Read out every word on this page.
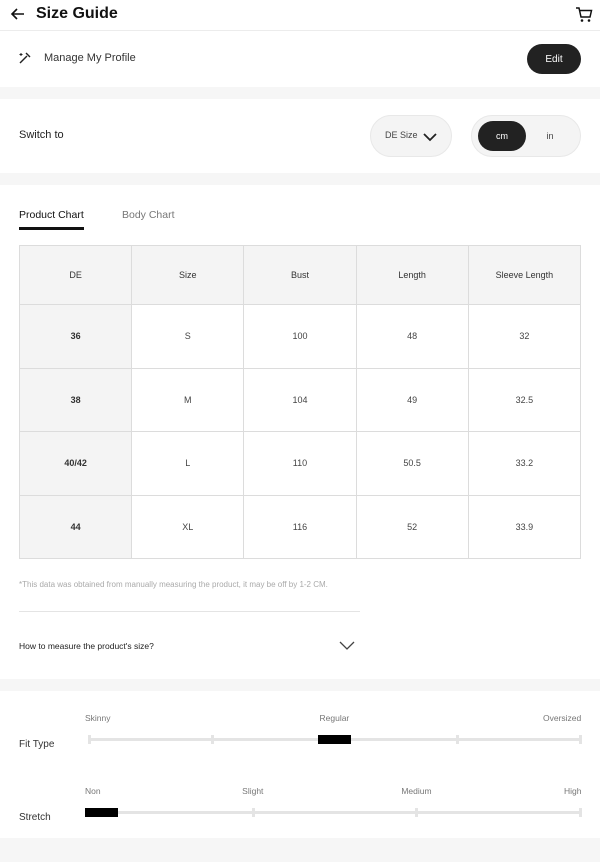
Size Guide
Manage My Profile	Edit
Switch to	DE Size	cm	in
Product Chart	Body Chart
DE	Size	Bust	Length	Sleeve Length
36	S	100	48	32
38	M	104	49	32.5
40/42	L	110	50.5	33.2
44	XL	116	52	33.9
*This data was obtained from manually measuring the product, it may be off by 1-2 CM.
How to measure the product's size?
Fit Type
Skinny	Regular	Oversized
Stretch
Non	Slight	Medium	High
